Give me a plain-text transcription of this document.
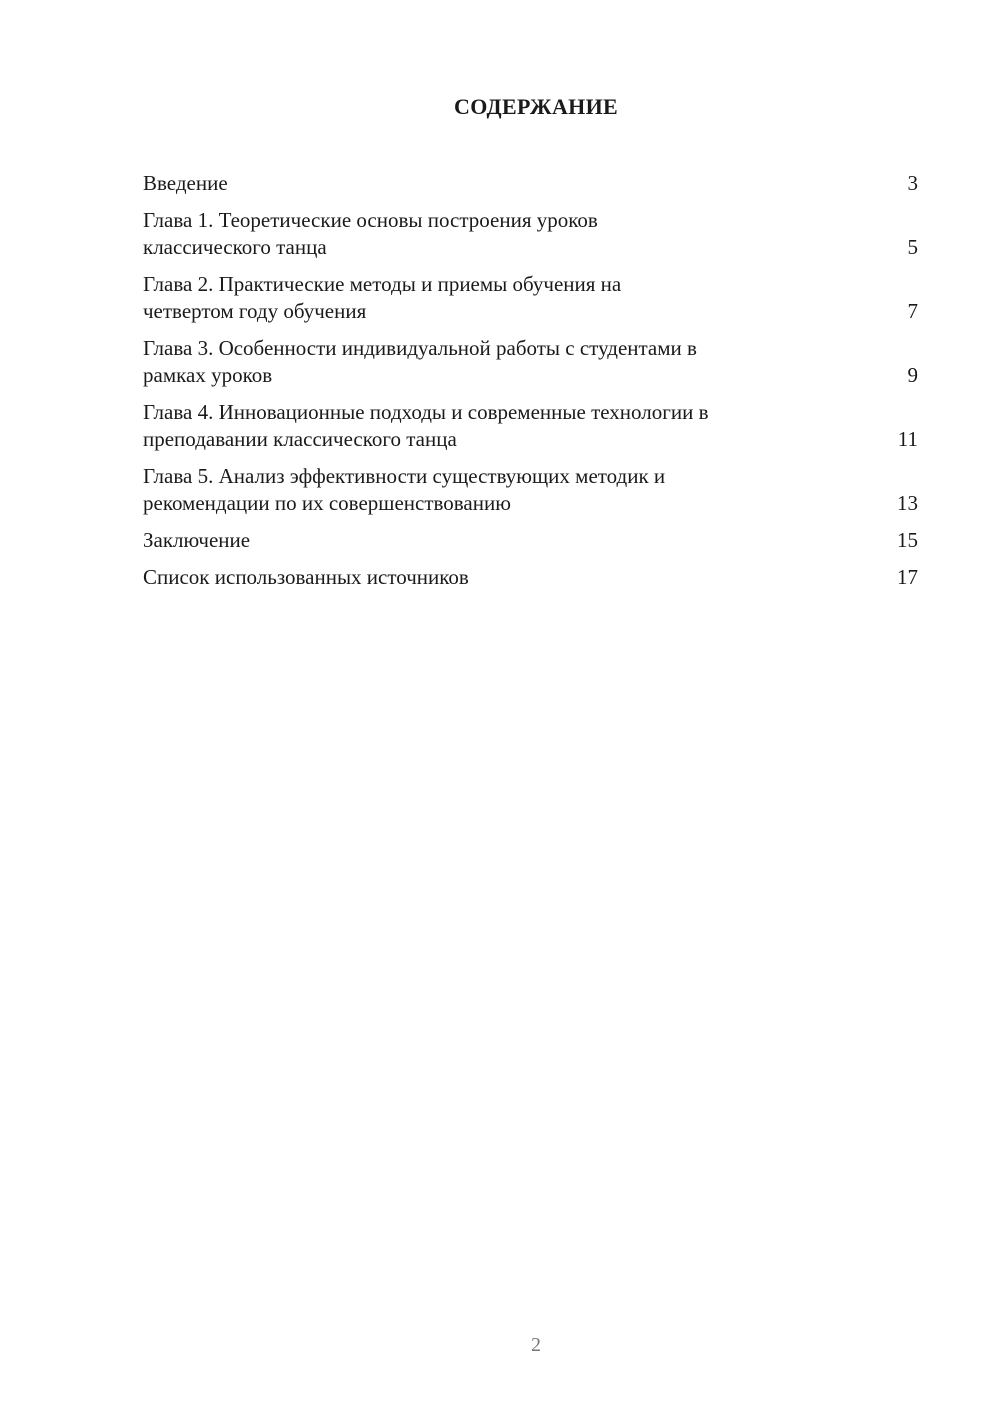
СОДЕРЖАНИЕ
Введение	3
Глава 1. Теоретические основы построения уроков
классического танца	5
Глава 2. Практические методы и приемы обучения на
четвертом году обучения	7
Глава 3. Особенности индивидуальной работы с студентами в
рамках уроков	9
Глава 4. Инновационные подходы и современные технологии в
преподавании классического танца	11
Глава 5. Анализ эффективности существующих методик и
рекомендации по их совершенствованию	13
Заключение	15
Список использованных источников	17
2
